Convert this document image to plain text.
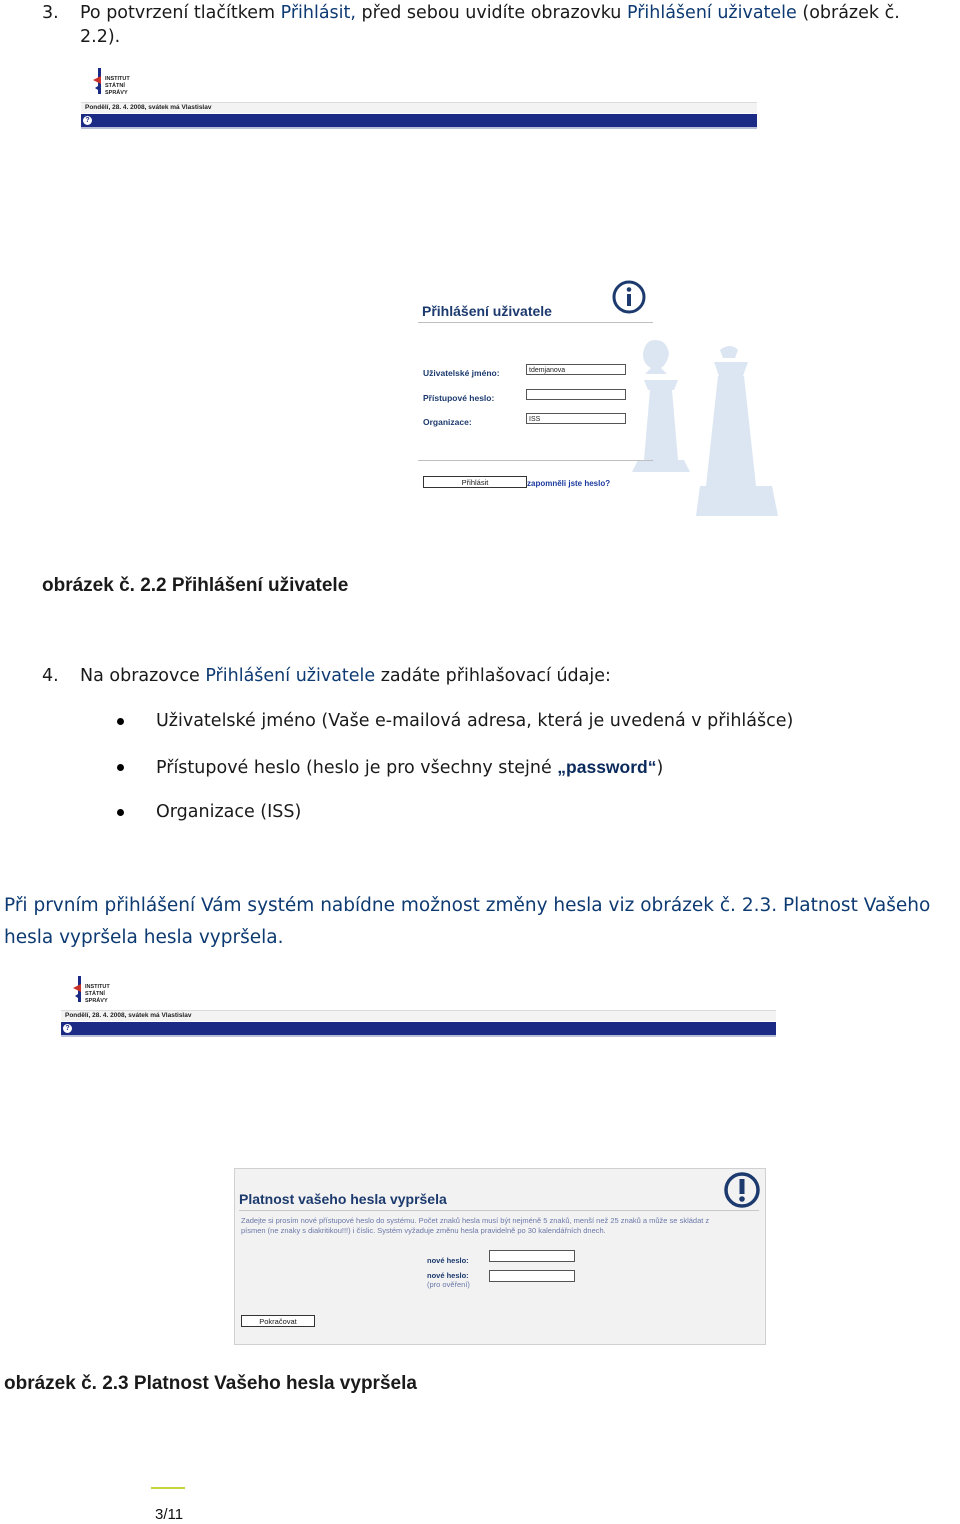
3. Po potvrzení tlačítkem Přihlásit, před sebou uvidíte obrazovku Přihlášení uživatele (obrázek č.
2.2).
INSTITUT
STÁTNÍ
SPRÁVY
Pondělí, 28. 4. 2008, svátek má Vlastislav
?
Přihlášení uživatele
Uživatelské jméno:	tdemjanova
Přístupové heslo:
Organizace:	ISS
Přihlásit	zapomněli jste heslo?
obrázek č. 2.2 Přihlášení uživatele
4. Na obrazovce Přihlášení uživatele zadáte přihlašovací údaje:
Uživatelské jméno (Vaše e-mailová adresa, která je uvedená v přihlášce)
Přístupové heslo (heslo je pro všechny stejné „password“)
Organizace (ISS)
Při prvním přihlášení Vám systém nabídne možnost změny hesla viz obrázek č. 2.3. Platnost Vašeho hesla vypršela hesla vypršela.
INSTITUT
STÁTNÍ
SPRÁVY
Pondělí, 28. 4. 2008, svátek má Vlastislav
?
Platnost vašeho hesla vypršela
Zadejte si prosím nové přístupové heslo do systému. Počet znaků hesla musí být nejméně 5 znaků, menší než 25 znaků a může se skládat z
písmen (ne znaky s diakritikou!!!) i číslic. Systém vyžaduje změnu hesla pravidelně po 30 kalendářních dnech.
nové heslo:
nové heslo:
(pro ověření)
Pokračovat
obrázek č. 2.3 Platnost Vašeho hesla vypršela
3/11
